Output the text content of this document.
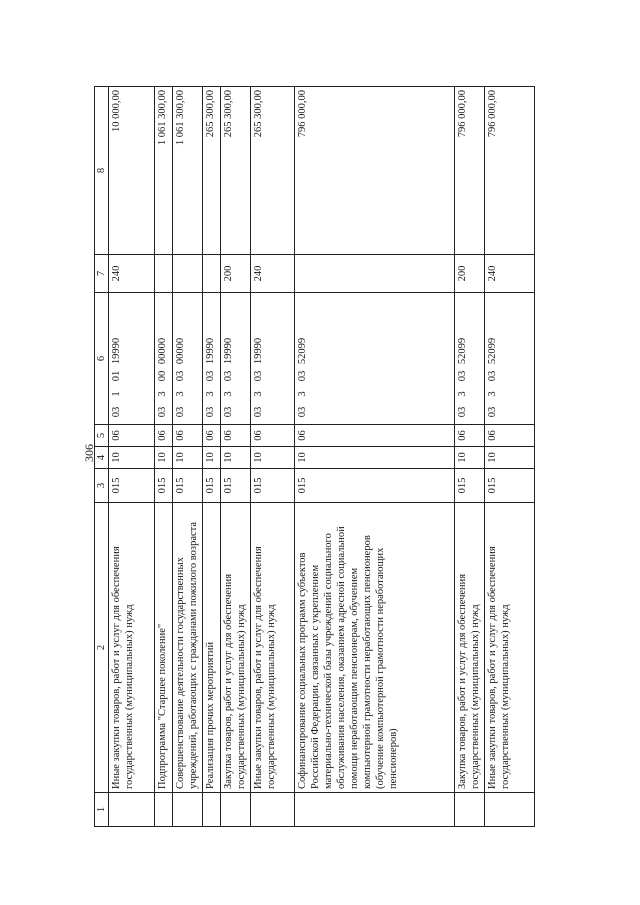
306
1	2	3	4	5	6	7	8
	Иные закупки товаров, работ и услуг для обеспечения государственных (муниципальных) нужд	015	10	06	0310119990	240	10 000,00
	Подпрограмма "Старшее поколение"	015	10	06	0330000000		1 061 300,00
	Совершенствование деятельности государственных учреждений, работающих с гражданами пожилого возраста	015	10	06	0330300000		1 061 300,00
	Реализация прочих мероприятий	015	10	06	0330319990		265 300,00
	Закупка товаров, работ и услуг для обеспечения государственных (муниципальных) нужд	015	10	06	0330319990	200	265 300,00
	Иные закупки товаров, работ и услуг для обеспечения государственных (муниципальных) нужд	015	10	06	0330319990	240	265 300,00
	Софинансирование социальных программ субъектов Российской Федерации, связанных с укреплением материально-технической базы учреждений социального обслуживания населения, оказанием адресной социальной помощи неработающим пенсионерам, обучением компьютерной грамотности неработающих пенсионеров (обучение компьютерной грамотности неработающих пенсионеров)	015	10	06	0330352099		796 000,00
	Закупка товаров, работ и услуг для обеспечения государственных (муниципальных) нужд	015	10	06	0330352099	200	796 000,00
	Иные закупки товаров, работ и услуг для обеспечения государственных (муниципальных) нужд	015	10	06	0330352099	240	796 000,00
